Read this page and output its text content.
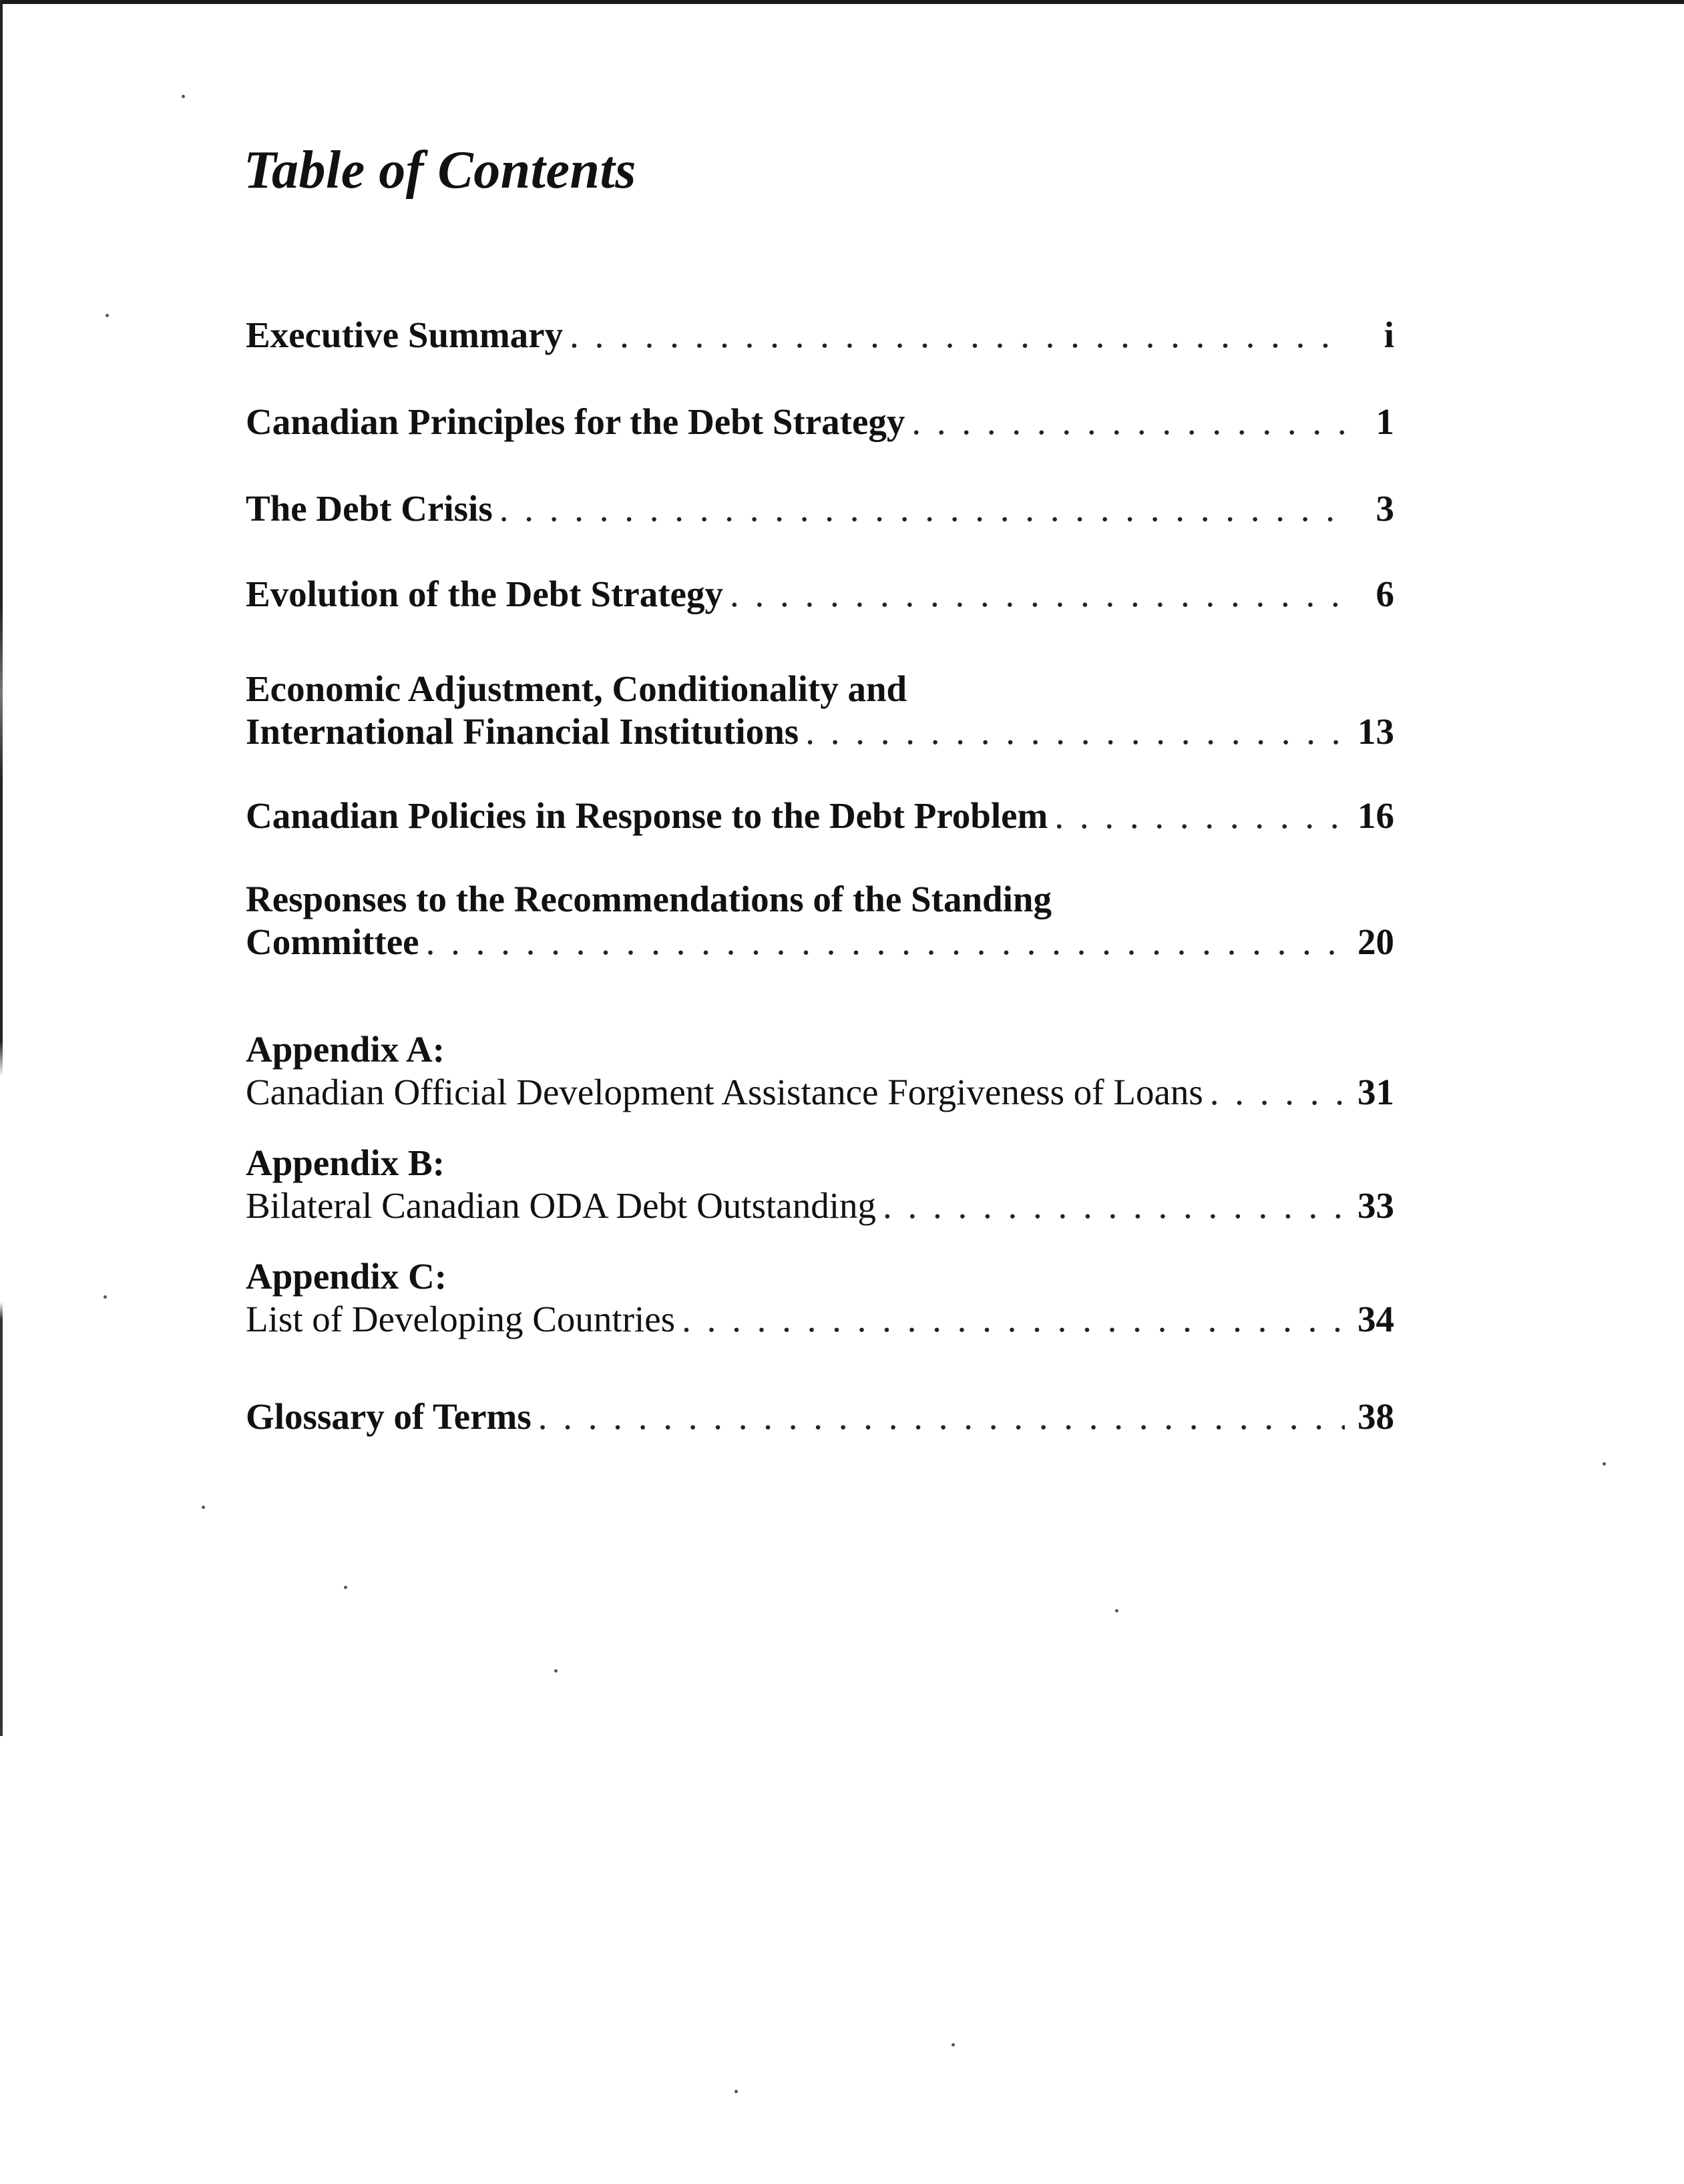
Table of Contents
Executive Summary . . .	i
Canadian Principles for the Debt Strategy . . .	1
The Debt Crisis . . .	3
Evolution of the Debt Strategy . . .	6
Economic Adjustment, Conditionality and
International Financial Institutions . . .	13
Canadian Policies in Response to the Debt Problem . . .	16
Responses to the Recommendations of the Standing
Committee . . .	20
Appendix A:
Canadian Official Development Assistance Forgiveness of Loans . . .	31
Appendix B:
Bilateral Canadian ODA Debt Outstanding . . .	33
Appendix C:
List of Developing Countries . . .	34
Glossary of Terms . . .	38
